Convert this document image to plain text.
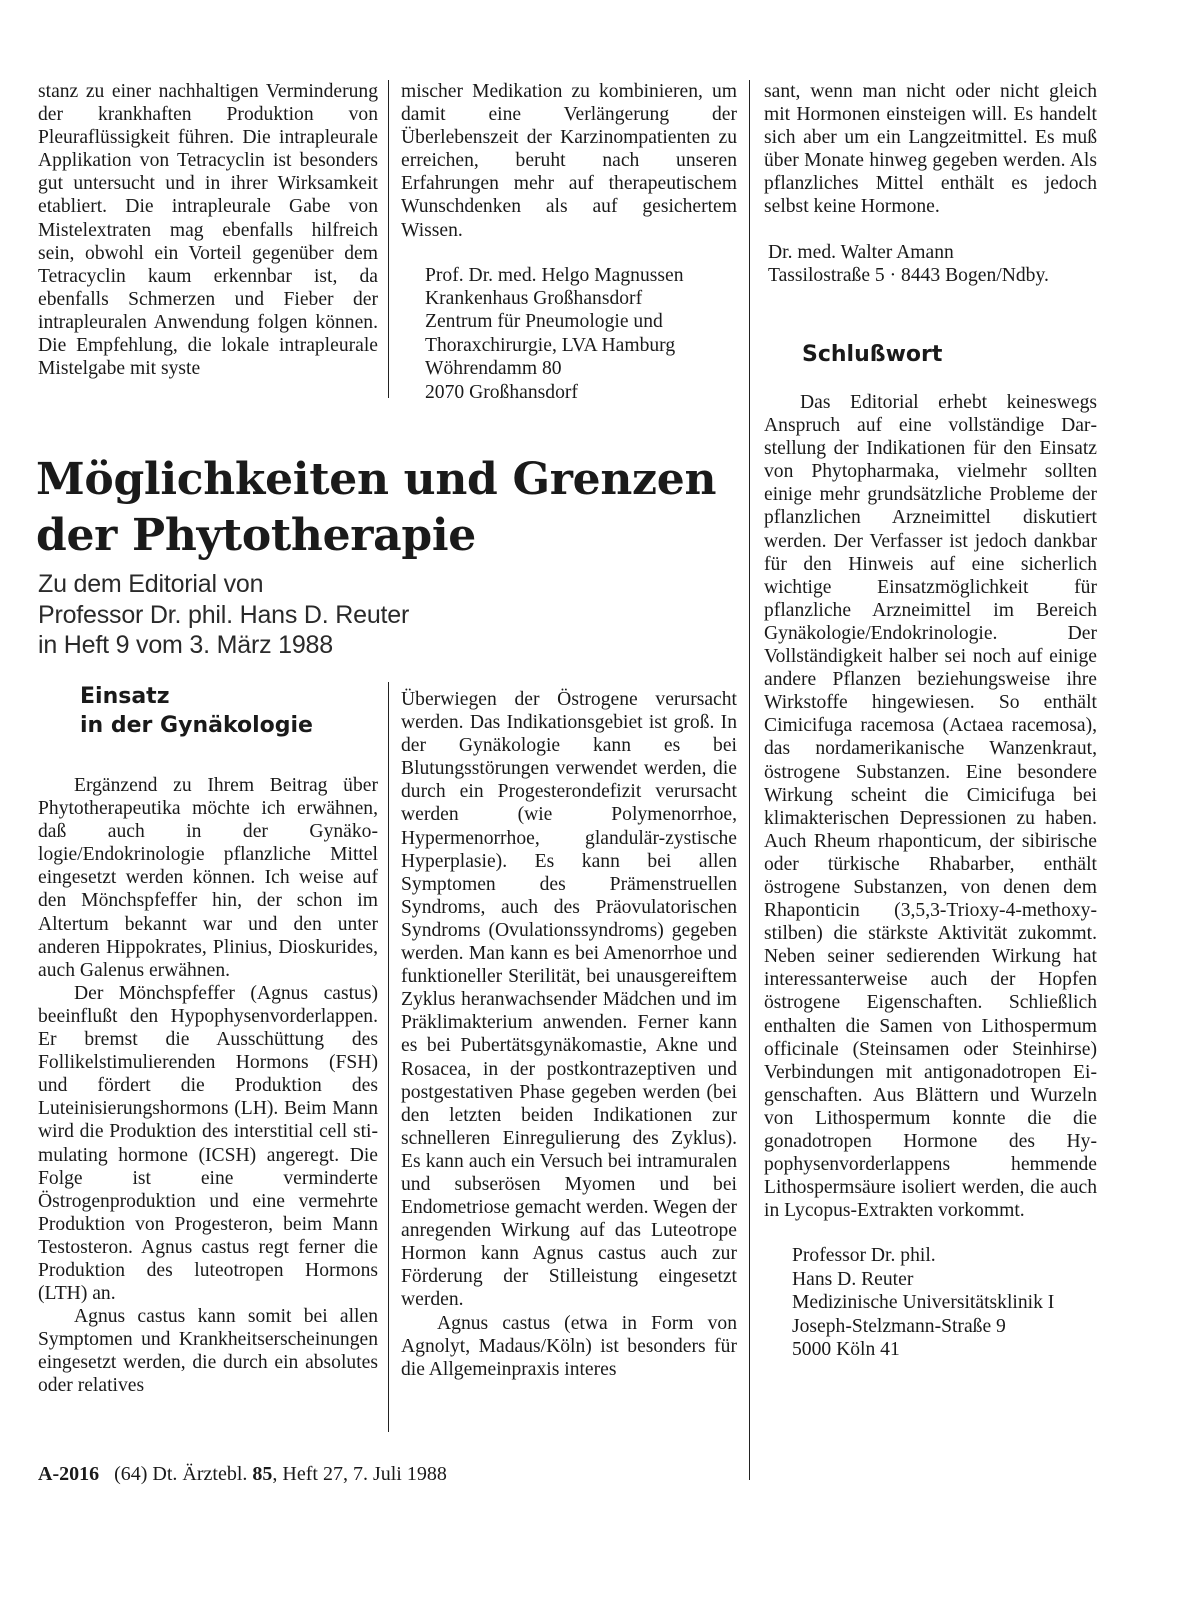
stanz zu einer nachhaltigen Verminderung der krankhaften Produktion von Pleuraflüssigkeit führen. Die intrapleurale Applikation von Tetracyclin ist besonders gut untersucht und in ihrer Wirksamkeit etabliert. Die intrapleurale Gabe von Mistelextraten mag ebenfalls hilfreich sein, obwohl ein Vorteil gegenüber dem Tetracyclin kaum erkennbar ist, da ebenfalls Schmerzen und Fieber der intrapleuralen Anwendung folgen können. Die Empfehlung, die lokale intrapleurale Mistelgabe mit syste

mischer Medikation zu kombinieren, um damit eine Verlängerung der Überlebenszeit der Karzinompatienten zu erreichen, beruht nach unseren Erfahrungen mehr auf therapeutischem Wunschdenken als auf gesichertem Wissen.

Prof. Dr. med. Helgo Magnussen
Krankenhaus Großhansdorf
Zentrum für Pneumologie und
Thoraxchirurgie, LVA Hamburg
Wöhrendamm 80
2070 Großhansdorf

sant, wenn man nicht oder nicht gleich mit Hormonen einsteigen will. Es handelt sich aber um ein Langzeitmittel. Es muß über Monate hinweg gegeben werden. Als pflanzliches Mittel enthält es jedoch selbst keine Hormone.

Dr. med. Walter Amann
Tassilostraße 5 · 8443 Bogen/Ndby.
Schlußwort

Das Editorial erhebt keineswegs Anspruch auf eine vollständige Darstellung der Indikationen für den Einsatz von Phytopharmaka, vielmehr sollten einige mehr grundsätzliche Probleme der pflanzlichen Arzneimittel diskutiert werden. Der Verfasser ist jedoch dankbar für den Hinweis auf eine sicherlich wichtige Einsatzmöglichkeit für pflanzliche Arzneimittel im Bereich Gynäkologie/Endokrinologie. Der Vollständigkeit halber sei noch auf einige andere Pflanzen beziehungsweise ihre Wirkstoffe hingewiesen. So enthält Cimicifuga racemosa (Actaea racemosa), das nordamerikanische Wanzenkraut, östrogene Substanzen. Eine besondere Wirkung scheint die Cimicifuga bei klimakterischen Depressionen zu haben. Auch Rheum rhaponticum, der sibirische oder türkische Rhabarber, enthält östrogene Substanzen, von denen dem Rhaponticin (3,5,3-Trioxy-4-methoxystilben) die stärkste Aktivität zukommt. Neben seiner sedierenden Wirkung hat interessanterweise auch der Hopfen östrogene Eigenschaften. Schließlich enthalten die Samen von Lithospermum officinale (Steinsamen oder Steinhirse) Verbindungen mit antigonadotropen Eigenschaften. Aus Blättern und Wurzeln von Lithospermum konnte die die gonadotropen Hormone des Hypophysenvorderlappens hemmende Lithospermsäure isoliert werden, die auch in Lycopus-Extrakten vorkommt.

Professor Dr. phil.
Hans D. Reuter
Medizinische Universitätsklinik I
Joseph-Stelzmann-Straße 9
5000 Köln 41
Möglichkeiten und Grenzen
der Phytotherapie
Zu dem Editorial von
Professor Dr. phil. Hans D. Reuter
in Heft 9 vom 3. März 1988
Einsatz
in der Gynäkologie

Ergänzend zu Ihrem Beitrag über Phytotherapeutika möchte ich erwähnen, daß auch in der Gynäkologie/Endokrinologie pflanzliche Mittel eingesetzt werden können. Ich weise auf den Mönchspfeffer hin, der schon im Altertum bekannt war und den unter anderen Hippokrates, Plinius, Dioskurides, auch Galenus erwähnen.

Der Mönchspfeffer (Agnus castus) beeinflußt den Hypophysenvorderlappen. Er bremst die Ausschüttung des Follikelstimulierenden Hormons (FSH) und fördert die Produktion des Luteinisierungshormons (LH). Beim Mann wird die Produktion des interstitial cell stimulating hormone (ICSH) angeregt. Die Folge ist eine verminderte Östrogenproduktion und eine vermehrte Produktion von Progesteron, beim Mann Testosteron. Agnus castus regt ferner die Produktion des luteotropen Hormons (LTH) an.

Agnus castus kann somit bei allen Symptomen und Krankheitserscheinungen eingesetzt werden, die durch ein absolutes oder relatives

Überwiegen der Östrogene verursacht werden. Das Indikationsgebiet ist groß. In der Gynäkologie kann es bei Blutungsstörungen verwendet werden, die durch ein Progesterondefizit verursacht werden (wie Polymenorrhoe, Hypermenorrhoe, glandulär-zystische Hyperplasie). Es kann bei allen Symptomen des Prämenstruellen Syndroms, auch des Präovulatorischen Syndroms (Ovulationssyndroms) gegeben werden. Man kann es bei Amenorrhoe und funktioneller Sterilität, bei unausgereiftem Zyklus heranwachsender Mädchen und im Präklimakterium anwenden. Ferner kann es bei Pubertätsgynäkomastie, Akne und Rosacea, in der postkontrazeptiven und postgestativen Phase gegeben werden (bei den letzten beiden Indikationen zur schnelleren Einregulierung des Zyklus). Es kann auch ein Versuch bei intramuralen und subserösen Myomen und bei Endometriose gemacht werden. Wegen der anregenden Wirkung auf das Luteotrope Hormon kann Agnus castus auch zur Förderung der Stilleistung eingesetzt werden.

Agnus castus (etwa in Form von Agnolyt, Madaus/Köln) ist besonders für die Allgemeinpraxis interes

A-2016 (64) Dt. Ärztebl. 85, Heft 27, 7. Juli 1988
